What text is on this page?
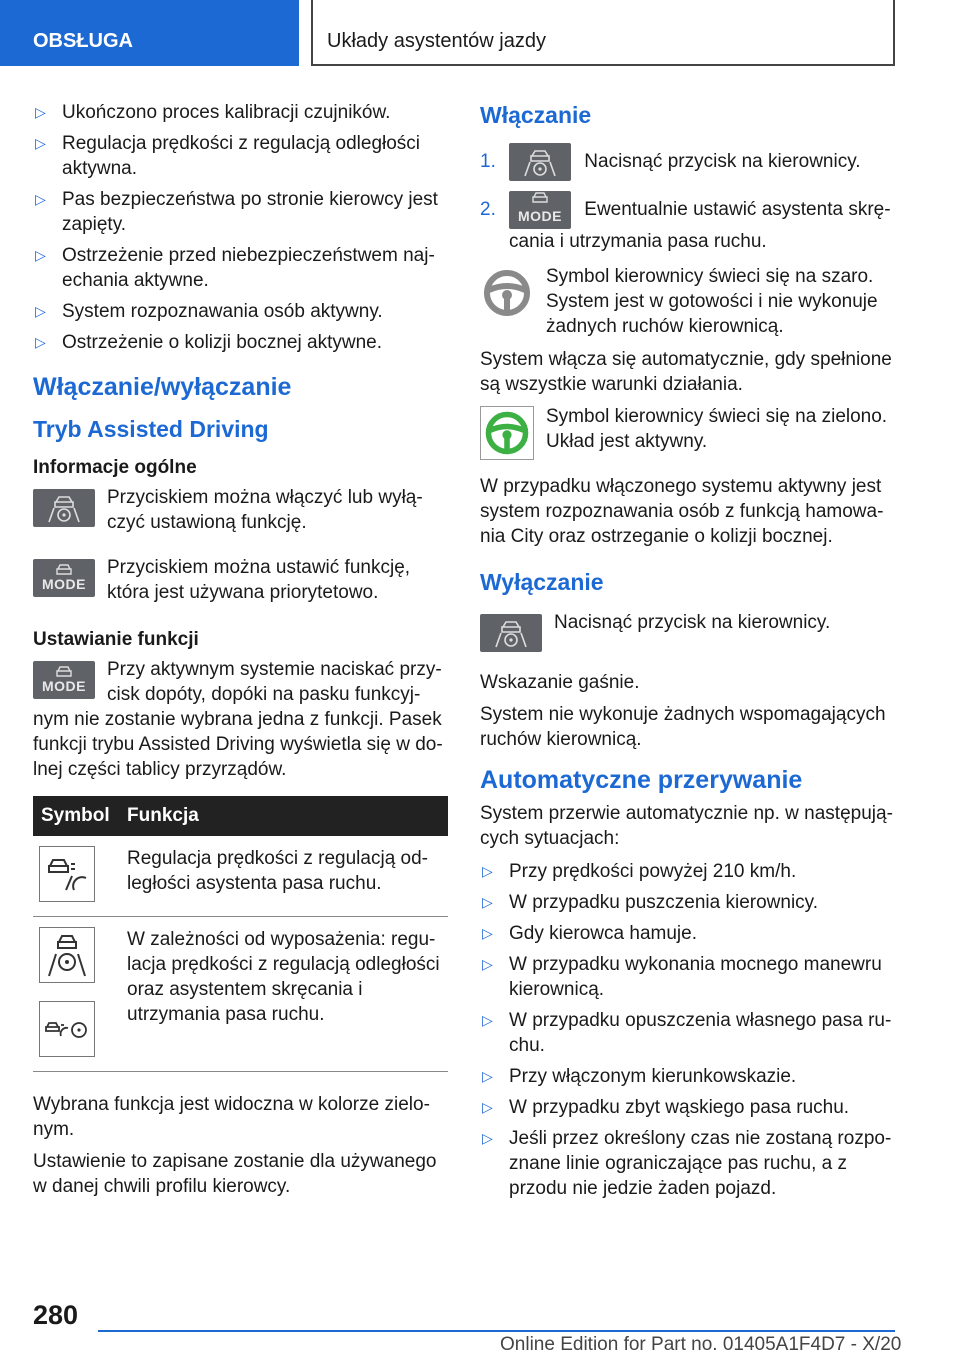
OBSŁUGA	Układy asystentów jazdy
▷ Ukończono proces kalibracji czujników.
▷ Regulacja prędkości z regulacją odległości aktywna.
▷ Pas bezpieczeństwa po stronie kierowcy jest zapięty.
▷ Ostrzeżenie przed niebezpieczeństwem najechania aktywne.
▷ System rozpoznawania osób aktywny.
▷ Ostrzeżenie o kolizji bocznej aktywne.
Włączanie/wyłączanie
Tryb Assisted Driving
Informacje ogólne
Przyciskiem można włączyć lub wyłączyć ustawioną funkcję.
MODE
Przyciskiem można ustawić funkcję, która jest używana priorytetowo.
Ustawianie funkcji
MODE
Przy aktywnym systemie naciskać przycisk dopóty, dopóki na pasku funkcyjnym nie zostanie wybrana jedna z funkcji. Pasek funkcji trybu Assisted Driving wyświetla się w dolnej części tablicy przyrządów.
Symbol	Funkcja

	Regulacja prędkości z regulacją odległości asystenta pasa ruchu.

	W zależności od wyposażenia: regulacja prędkości z regulacją odległości oraz asystentem skręcania i utrzymania pasa ruchu.
Wybrana funkcja jest widoczna w kolorze zielonym.
Ustawienie to zapisane zostanie dla używanego w danej chwili profilu kierowcy.
Włączanie
1.	Nacisnąć przycisk na kierownicy.
2. MODE Ewentualnie ustawić asystenta skręcania i utrzymania pasa ruchu.
Symbol kierownicy świeci się na szaro.
System jest w gotowości i nie wykonuje żadnych ruchów kierownicą.
System włącza się automatycznie, gdy spełnione są wszystkie warunki działania.
Symbol kierownicy świeci się na zielono.
Układ jest aktywny.
W przypadku włączonego systemu aktywny jest system rozpoznawania osób z funkcją hamowania City oraz ostrzeganie o kolizji bocznej.
Wyłączanie
Nacisnąć przycisk na kierownicy.
Wskazanie gaśnie.
System nie wykonuje żadnych wspomagających ruchów kierownicą.
Automatyczne przerywanie
System przerwie automatycznie np. w następujących sytuacjach:
▷ Przy prędkości powyżej 210 km/h.
▷ W przypadku puszczenia kierownicy.
▷ Gdy kierowca hamuje.
▷ W przypadku wykonania mocnego manewru kierownicą.
▷ W przypadku opuszczenia własnego pasa ruchu.
▷ Przy włączonym kierunkowskazie.
▷ W przypadku zbyt wąskiego pasa ruchu.
▷ Jeśli przez określony czas nie zostaną rozpoznane linie ograniczające pas ruchu, a z przodu nie jedzie żaden pojazd.
280
Online Edition for Part no. 01405A1F4D7 - X/20
